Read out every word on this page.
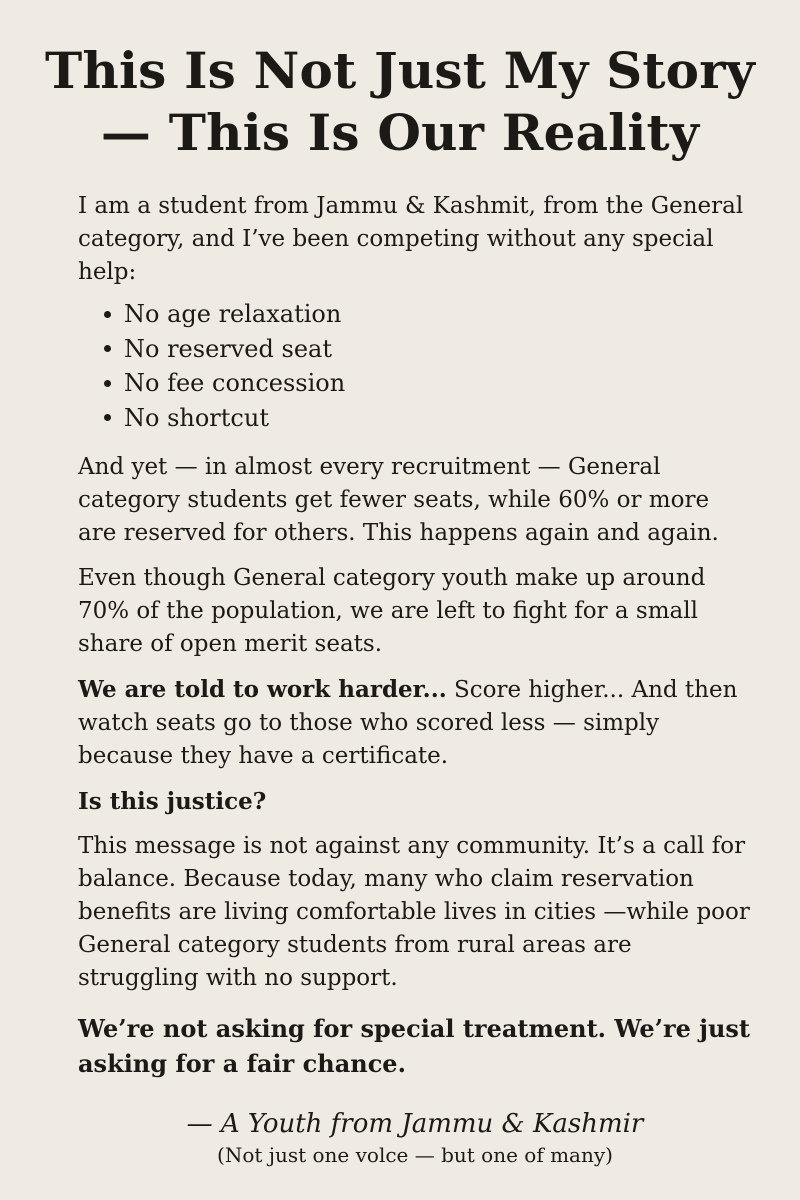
This Is Not Just My Story
— This Is Our Reality

I am a student from Jammu & Kashmit, from the General category, and I’ve been competing without any special help:

No age relaxation
No reserved seat
No fee concession
No shortcut

And yet — in almost every recruitment — General category students get fewer seats, while 60% or more are reserved for others. This happens again and again.

Even though General category youth make up around 70% of the population, we are left to fight for a small share of open merit seats.

We are told to work harder... Score higher... And then watch seats go to those who scored less — simply because they have a certificate.

Is this justice?

This message is not against any community. It’s a call for balance. Because today, many who claim reservation benefits are living comfortable lives in cities —while poor General category students from rural areas are struggling with no support.

We’re not asking for special treatment. We’re just asking for a fair chance.

— A Youth from Jammu & Kashmir
(Not just one volce — but one of many)
